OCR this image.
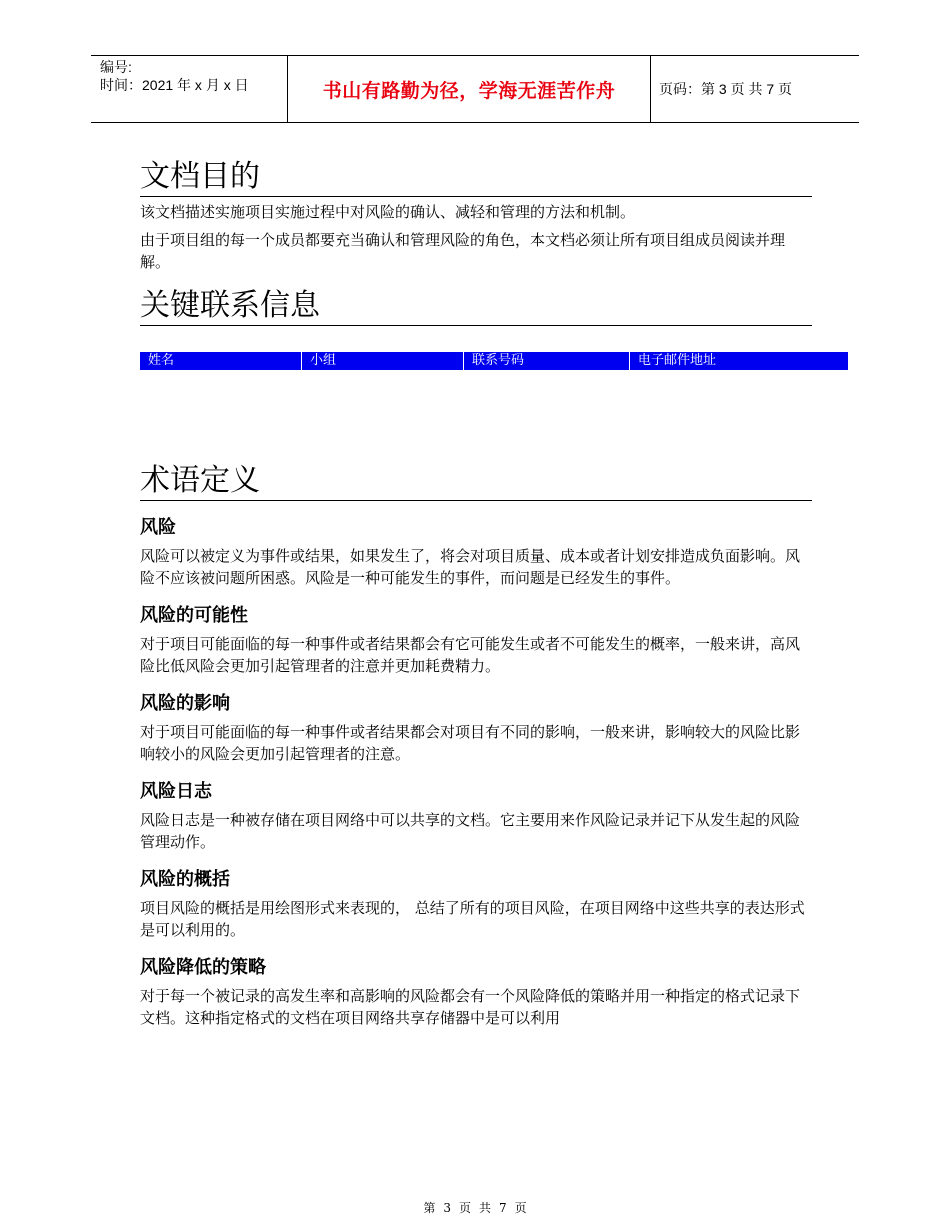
编号:
时间：2021 年 x 月 x 日	书山有路勤为径，学海无涯苦作舟	页码：第 3 页 共 7 页
文档目的

该文档描述实施项目实施过程中对风险的确认、减轻和管理的方法和机制。

由于项目组的每一个成员都要充当确认和管理风险的角色，本文档必须让所有项目组成员阅读并理解。

关键联系信息
姓名	小组	联系号码	电子邮件地址
术语定义
风险

风险可以被定义为事件或结果，如果发生了，将会对项目质量、成本或者计划安排造成负面影响。风险不应该被问题所困惑。风险是一种可能发生的事件，而问题是已经发生的事件。

风险的可能性

对于项目可能面临的每一种事件或者结果都会有它可能发生或者不可能发生的概率，一般来讲，高风险比低风险会更加引起管理者的注意并更加耗费精力。

风险的影响

对于项目可能面临的每一种事件或者结果都会对项目有不同的影响，一般来讲，影响较大的风险比影响较小的风险会更加引起管理者的注意。

风险日志

风险日志是一种被存储在项目网络中可以共享的文档。它主要用来作风险记录并记下从发生起的风险管理动作。

风险的概括

项目风险的概括是用绘图形式来表现的， 总结了所有的项目风险，在项目网络中这些共享的表达形式是可以利用的。

风险降低的策略

对于每一个被记录的高发生率和高影响的风险都会有一个风险降低的策略并用一种指定的格式记录下文档。这种指定格式的文档在项目网络共享存储器中是可以利用

第 3 页 共 7 页
